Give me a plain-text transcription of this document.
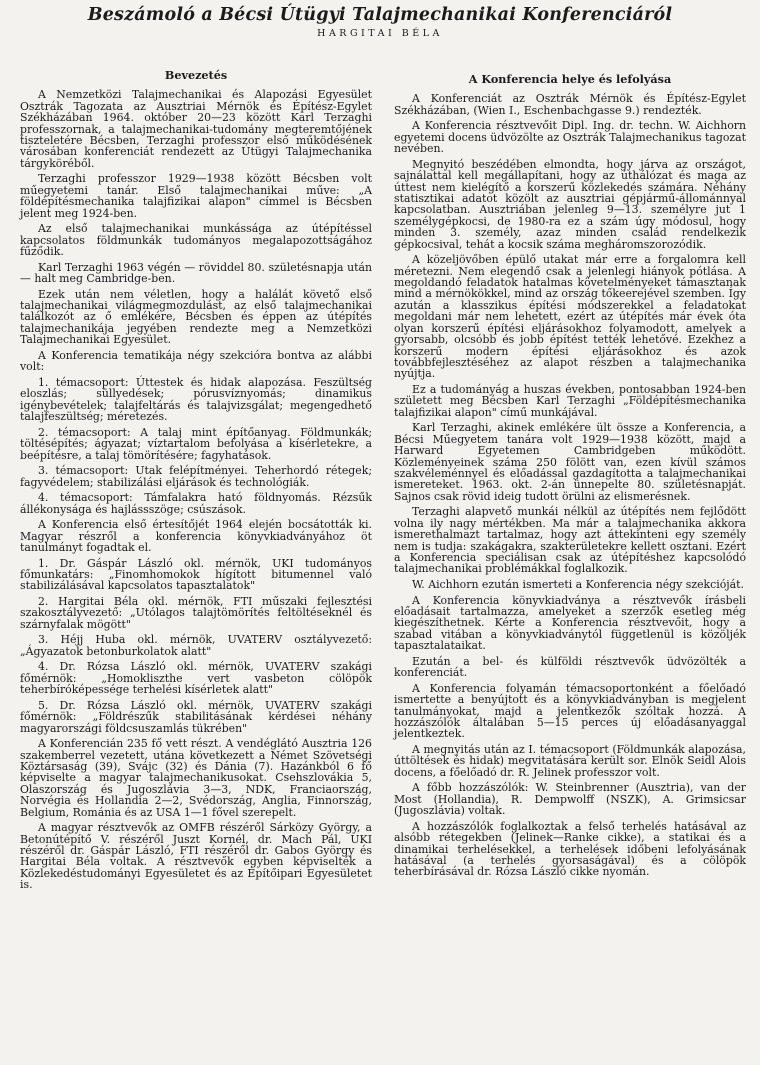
Beszámoló a Bécsi Útügyi Talajmechanikai Konferenciáról
HARGITAI BÉLA
Bevezetés

A Nemzetközi Talajmechanikai és Alapozási Egyesület Osztrák Tagozata az Ausztriai Mérnök és Építész-Egylet Székházában 1964. október 20—23 között Karl Terzaghi professzornak, a talajmechanikai-tudomány megteremtőjének tiszteletére Bécsben, Terzaghi professzor első működésének városában konferenciát rendezett az Útügyi Talajmechanika tárgyköréből.

Terzaghi professzor 1929—1938 között Bécsben volt műegyetemi tanár. Első talajmechanikai műve: „A földépítésmechanika talajfizikai alapon" címmel is Bécsben jelent meg 1924-ben.

Az első talajmechanikai munkássága az útépítéssel kapcsolatos földmunkák tudományos megalapozottságához fűződik.

Karl Terzaghi 1963 végén — röviddel 80. születésnapja után — halt meg Cambridge-ben.

Ezek után nem véletlen, hogy a halálát követő első talajmechanikai világmegmozdulást, az első talajmechanikai találkozót az ő emlékére, Bécsben és éppen az útépítés talajmechanikája jegyében rendezte meg a Nemzetközi Talajmechanikai Egyesület.

A Konferencia tematikája négy szekcióra bontva az alábbi volt:

1. témacsoport: Úttestek és hidak alapozása. Feszültség eloszlás; süllyedések; pórusvíznyomás; dinamikus igénybevételek; talajfeltárás és talajvizsgálat; megengedhető talajfeszültség; méretezés.

2. témacsoport: A talaj mint építőanyag. Földmunkák; töltésépítés; ágyazat; víztartalom befolyása a kísérletekre, a beépítésre, a talaj tömörítésére; fagyhatások.

3. témacsoport: Utak felépítményei. Teherhordó rétegek; fagyvédelem; stabilizálási eljárások és technológiák.

4. témacsoport: Támfalakra ható földnyomás. Rézsűk állékonysága és hajlássszöge; csúszások.

A Konferencia első értesítőjét 1964 elején bocsátották ki. Magyar részről a konferencia könyvkiadványához öt tanulmányt fogadtak el.

1. Dr. Gáspár László okl. mérnök, UKI tudományos főmunkatárs: „Finomhomokok hígított bitumennel való stabilizálásával kapcsolatos tapasztalatok"

2. Hargitai Béla okl. mérnök, FTI műszaki fejlesztési szakosztályvezető: „Utólagos talajtömörítés feltöltéseknél és szárnyfalak mögött"

3. Héjj Huba okl. mérnök, UVATERV osztályvezető: „Ágyazatok betonburkolatok alatt"

4. Dr. Rózsa László okl. mérnök, UVATERV szakági főmérnök: „Homokliszthe vert vasbeton cölöpök teherbíróképessége terhelési kísérletek alatt"

5. Dr. Rózsa László okl. mérnök, UVATERV szakági főmérnök: „Földrészűk stabilitásának kérdései néhány magyarországi földcsuszamlás tükrében"

A Konferencián 235 fő vett részt. A vendéglátó Ausztria 126 szakemberrel vezetett, utána következett a Német Szövetségi Köztársaság (39), Svájc (32) és Dánia (7). Hazánkból 6 fő képviselte a magyar talajmechanikusokat. Csehszlovákia 5, Olaszország és Jugoszlávia 3—3, NDK, Franciaország, Norvégia és Hollandia 2—2, Svédország, Anglia, Finnország, Belgium, Románia és az USA 1—1 fővel szerepelt.

A magyar résztvevők az OMFB részéről Sárközy György, a Betonútépítő V. részéről Juszt Kornél, dr. Mach Pál, UKI részéről dr. Gáspár László, FTI részéről dr. Gabos György és Hargitai Béla voltak. A résztvevők egyben képviselték a Közlekedéstudományi Egyesületet és az Építőipari Egyesületet is.

A Konferencia helye és lefolyása

A Konferenciát az Osztrák Mérnök és Építész-Egylet Székházában, (Wien I., Eschenbachgasse 9.) rendezték.

A Konferencia résztvevőit Dipl. Ing. dr. techn. W. Aichhorn egyetemi docens üdvözölte az Osztrák Talajmechanikus tagozat nevében.

Megnyitó beszédében elmondta, hogy járva az országot, sajnálattal kell megállapítani, hogy az úthálózat és maga az úttest nem kielégítő a korszerű közlekedés számára. Néhány statisztikai adatot közölt az ausztriai gépjármű-állománnyal kapcsolatban. Ausztriában jelenleg 9—13. személyre jut 1 személygépkocsi, de 1980-ra ez a szám úgy módosul, hogy minden 3. személy, azaz minden család rendelkezik gépkocsival, tehát a kocsik száma megháromszorozódik.

A közeljövőben épülő utakat már erre a forgalomra kell méretezni. Nem elegendő csak a jelenlegi hiányok pótlása. A megoldandó feladatok hatalmas követelményeket támasztanak mind a mérnökökkel, mind az ország tőkeerejével szemben. Így azután a klasszikus építési módszerekkel a feladatokat megoldani már nem lehetett, ezért az útépítés már évek óta olyan korszerű építési eljárásokhoz folyamodott, amelyek a gyorsabb, olcsóbb és jobb építést tették lehetővé. Ezekhez a korszerű modern építési eljárásokhoz és azok továbbfejlesztéséhez az alapot részben a talajmechanika nyújtja.

Ez a tudományág a huszas években, pontosabban 1924-ben született meg Bécsben Karl Terzaghi „Földépítésmechanika talajfizikai alapon" című munkájával.

Karl Terzaghi, akinek emlékére ült össze a Konferencia, a Bécsi Műegyetem tanára volt 1929—1938 között, majd a Harward Egyetemen Cambridgeben működött. Közleményeinek száma 250 fölött van, ezen kívül számos szakvéleménnyel és előadással gazdagította a talajmechanikai ismereteket. 1963. okt. 2-án ünnepelte 80. születésnapját. Sajnos csak rövid ideig tudott örülni az elismerésnek.

Terzaghi alapvető munkái nélkül az útépítés nem fejlődött volna ily nagy mértékben. Ma már a talajmechanika akkora ismerethalmazt tartalmaz, hogy azt áttekinteni egy személy nem is tudja: szakágakra, szakterületekre kellett osztani. Ezért a Konferencia speciálisan csak az útépítéshez kapcsolódó talajmechanikai problémákkal foglalkozik.

W. Aichhorn ezután ismerteti a Konferencia négy szekcióját.

A Konferencia könyvkiadványa a résztvevők írásbeli előadásait tartalmazza, amelyeket a szerzők esetleg még kiegészíthetnek. Kérte a Konferencia résztvevőit, hogy a szabad vitában a könyvkiadványtól függetlenül is közöljék tapasztalataikat.

Ezután a bel- és külföldi résztvevők üdvözölték a konferenciát.

A Konferencia folyamán témacsoportonként a főelőadó ismertette a benyújtott és a könyvkiadványban is megjelent tanulmányokat, majd a jelentkezők szóltak hozzá. A hozzászólók általában 5—15 perces új előadásanyaggal jelentkeztek.

A megnyitás után az I. témacsoport (Földmunkák alapozása, úttöltések és hidak) megvitatására került sor. Elnök Seidl Alois docens, a főelőadó dr. R. Jelinek professzor volt.

A főbb hozzászólók: W. Steinbrenner (Ausztria), van der Most (Hollandia), R. Dempwolff (NSZK), A. Grimsicsar (Jugoszlávia) voltak.

A hozzászólók foglalkoztak a felső terhelés hatásával az alsóbb rétegekben (Jelinek—Ranke cikke), a statikai és a dinamikai terhelésekkel, a terhelések időbeni lefolyásának hatásával (a terhelés gyorsaságával) és a cölöpök teherbírásával dr. Rózsa László cikke nyomán.
